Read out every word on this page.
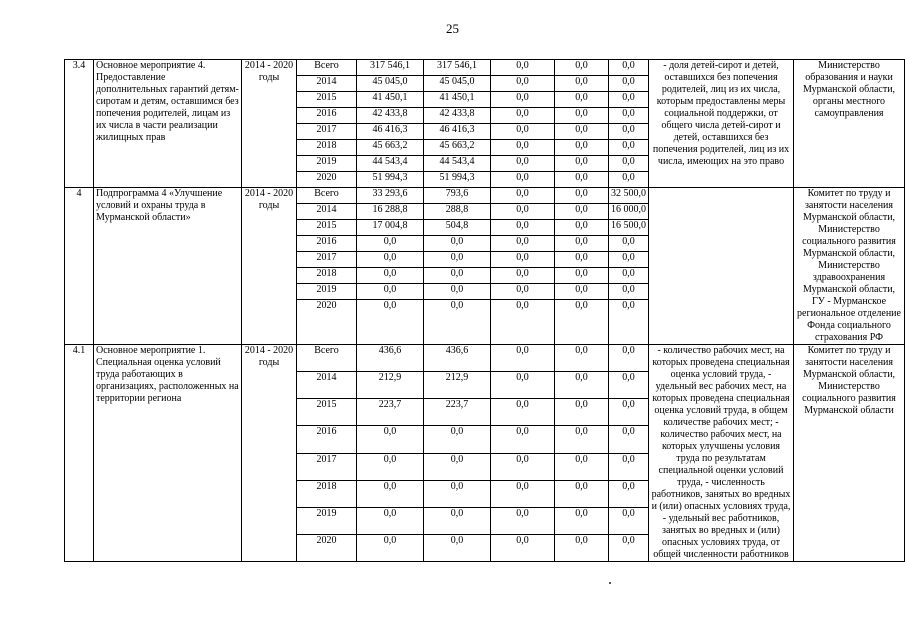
25
3.4	Основное мероприятие 4. Предоставление дополнительных гарантий детям-сиротам и детям, оставшимся без попечения родителей, лицам из их числа в части реализации жилищных прав	2014 - 2020 годы	Всего	317 546,1	317 546,1	0,0	0,0	0,0	- доля детей-сирот и детей, оставшихся без попечения родителей, лиц из их числа, которым предоставлены меры социальной поддержки, от общего числа детей-сирот и детей, оставшихся без попечения родителей, лиц из их числа, имеющих на это право	Министерство образования и науки Мурманской области, органы местного самоуправления
			2014	45 045,0	45 045,0	0,0	0,0	0,0		
			2015	41 450,1	41 450,1	0,0	0,0	0,0		
			2016	42 433,8	42 433,8	0,0	0,0	0,0		
			2017	46 416,3	46 416,3	0,0	0,0	0,0		
			2018	45 663,2	45 663,2	0,0	0,0	0,0		
			2019	44 543,4	44 543,4	0,0	0,0	0,0		
			2020	51 994,3	51 994,3	0,0	0,0	0,0		
4	Подпрограмма 4 «Улучшение условий и охраны труда в Мурманской области»	2014 - 2020 годы	Всего	33 293,6	793,6	0,0	0,0	32 500,0		Комитет по труду и занятости населения Мурманской области, Министерство социального развития Мурманской области, Министерство здравоохранения Мурманской области, ГУ - Мурманское региональное отделение Фонда социального страхования РФ
			2014	16 288,8	288,8	0,0	0,0	16 000,0		
			2015	17 004,8	504,8	0,0	0,0	16 500,0		
			2016	0,0	0,0	0,0	0,0	0,0		
			2017	0,0	0,0	0,0	0,0	0,0		
			2018	0,0	0,0	0,0	0,0	0,0		
			2019	0,0	0,0	0,0	0,0	0,0		
			2020	0,0	0,0	0,0	0,0	0,0		
4.1	Основное мероприятие 1. Специальная оценка условий труда работающих в организациях, расположенных на территории региона	2014 - 2020 годы	Всего	436,6	436,6	0,0	0,0	0,0	- количество рабочих мест, на которых проведена специальная оценка условий труда, - удельный вес рабочих мест, на которых проведена специальная оценка условий труда, в общем количестве рабочих мест; - количество рабочих мест, на которых улучшены условия труда по результатам специальной оценки условий труда, - численность работников, занятых во вредных и (или) опасных условиях труда, - удельный вес работников, занятых во вредных и (или) опасных условиях труда, от общей численности работников	Комитет по труду и занятости населения Мурманской области, Министерство социального развития Мурманской области
			2014	212,9	212,9	0,0	0,0	0,0		
			2015	223,7	223,7	0,0	0,0	0,0		
			2016	0,0	0,0	0,0	0,0	0,0		
			2017	0,0	0,0	0,0	0,0	0,0		
			2018	0,0	0,0	0,0	0,0	0,0		
			2019	0,0	0,0	0,0	0,0	0,0		
			2020	0,0	0,0	0,0	0,0	0,0		
